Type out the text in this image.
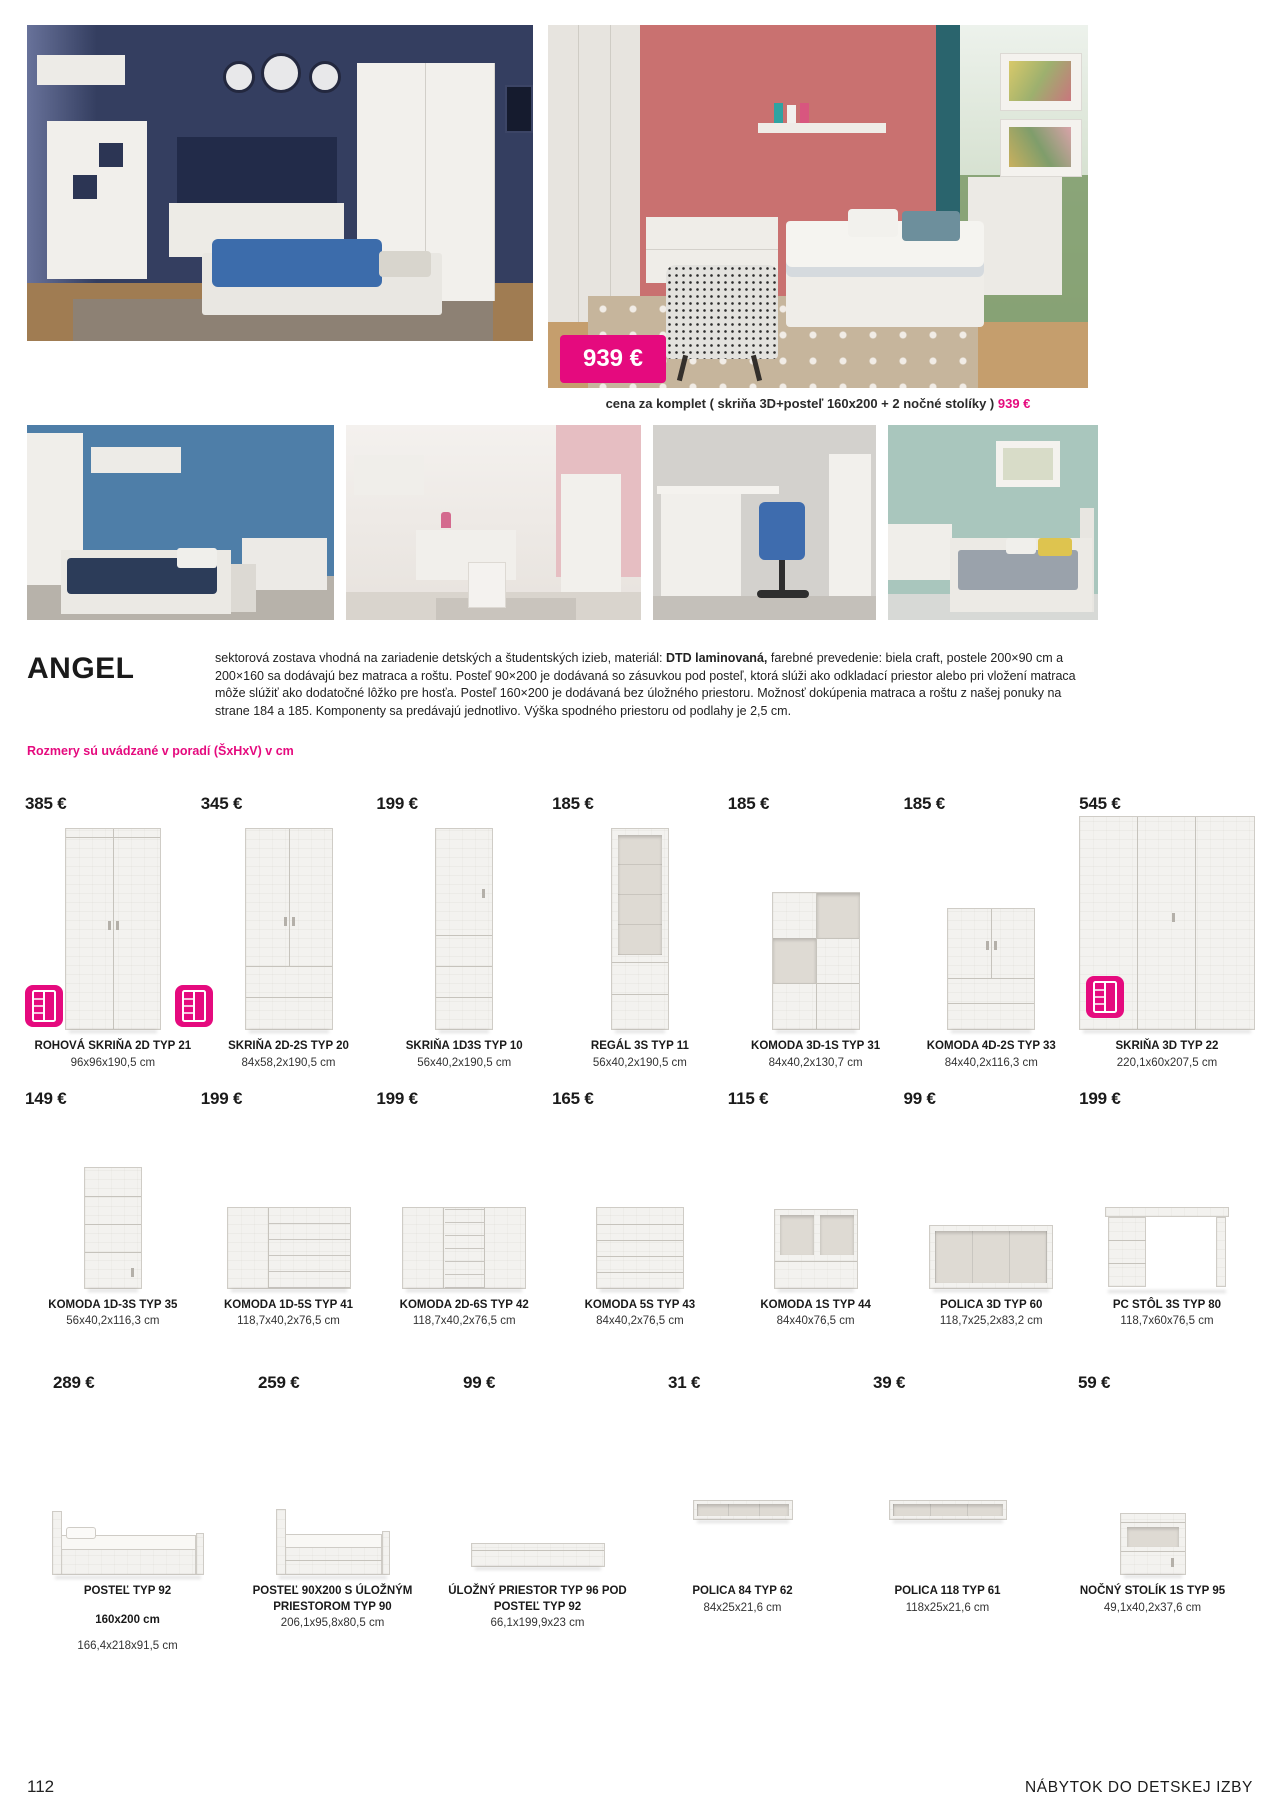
939 €
cena za komplet ( skriňa 3D+posteľ 160x200 + 2 nočné stolíky ) 939 €
ANGEL	sektorová zostava vhodná na zariadenie detských a študentských izieb, materiál: DTD laminovaná, farebné prevedenie: biela craft, postele 200×90 cm a 200×160 sa dodávajú bez matraca a roštu. Posteľ 90×200 je dodávaná so zásuvkou pod posteľ, ktorá slúži ako odkladací priestor alebo pri vložení matraca môže slúžiť ako dodatočné lôžko pre hosťa. Posteľ 160×200 je dodávaná bez úložného priestoru. Možnosť dokúpenia matraca a roštu z našej ponuky na strane 184 a 185. Komponenty sa predávajú jednotlivo. Výška spodného priestoru od podlahy je 2,5 cm.
Rozmery sú uvádzané v poradí (ŠxHxV) v cm
385 €
ROHOVÁ SKRIŇA 2D TYP 21
96x96x190,5 cm
345 €
SKRIŇA 2D-2S TYP 20
84x58,2x190,5 cm
199 €
SKRIŇA 1D3S TYP 10
56x40,2x190,5 cm
185 €
REGÁL 3S TYP 11
56x40,2x190,5 cm
185 €
KOMODA 3D-1S TYP 31
84x40,2x130,7 cm
185 €
KOMODA 4D-2S TYP 33
84x40,2x116,3 cm
545 €
SKRIŇA 3D TYP 22
220,1x60x207,5 cm
149 €
KOMODA 1D-3S TYP 35
56x40,2x116,3 cm
199 €
KOMODA 1D-5S TYP 41
118,7x40,2x76,5 cm
199 €
KOMODA 2D-6S TYP 42
118,7x40,2x76,5 cm
165 €
KOMODA 5S TYP 43
84x40,2x76,5 cm
115 €
KOMODA 1S TYP 44
84x40x76,5 cm
99 €
POLICA 3D TYP 60
118,7x25,2x83,2 cm
199 €
PC STÔL 3S TYP 80
118,7x60x76,5 cm
289 €
POSTEĽ TYP 92
160x200 cm
166,4x218x91,5 cm
259 €
POSTEĽ 90X200 S ÚLOŽNÝM PRIESTOROM TYP 90
206,1x95,8x80,5 cm
99 €
ÚLOŽNÝ PRIESTOR TYP 96 POD POSTEĽ TYP 92
66,1x199,9x23 cm
31 €
POLICA 84 TYP 62
84x25x21,6 cm
39 €
POLICA 118 TYP 61
118x25x21,6 cm
59 €
NOČNÝ STOLÍK 1S TYP 95
49,1x40,2x37,6 cm
112	NÁBYTOK DO DETSKEJ IZBY
